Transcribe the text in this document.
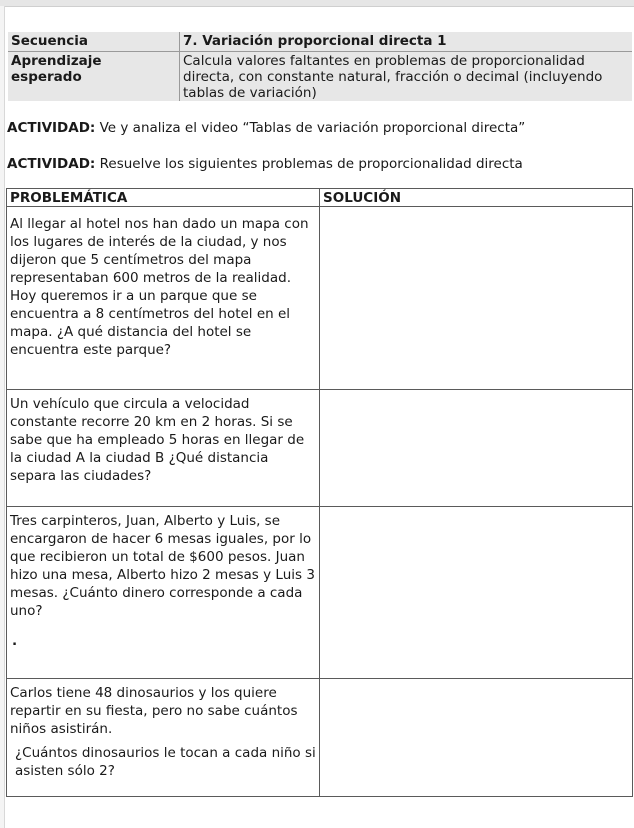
Secuencia	7. Variación proporcional directa 1
Aprendizaje esperado	Calcula valores faltantes en problemas de proporcionalidad directa, con constante natural, fracción o decimal (incluyendo tablas de variación)
ACTIVIDAD: Ve y analiza el video “Tablas de variación proporcional directa”
ACTIVIDAD: Resuelve los siguientes problemas de proporcionalidad directa
PROBLEMÁTICA	SOLUCIÓN
Al llegar al hotel nos han dado un mapa con los lugares de interés de la ciudad, y nos dijeron que 5 centímetros del mapa representaban 600 metros de la realidad. Hoy queremos ir a un parque que se encuentra a 8 centímetros del hotel en el mapa. ¿A qué distancia del hotel se encuentra este parque?	
Un vehículo que circula a velocidad constante recorre 20 km en 2 horas. Si se sabe que ha empleado 5 horas en llegar de la ciudad A la ciudad B ¿Qué distancia separa las ciudades?	
Tres carpinteros, Juan, Alberto y Luis, se encargaron de hacer 6 mesas iguales, por lo que recibieron un total de $600 pesos. Juan hizo una mesa, Alberto hizo 2 mesas y Luis 3 mesas. ¿Cuánto dinero corresponde a cada uno?
.	

Carlos tiene 48 dinosaurios y los quiere repartir en su fiesta, pero no sabe cuántos niños asistirán.
¿Cuántos dinosaurios le tocan a cada niño si asisten sólo 2?	
